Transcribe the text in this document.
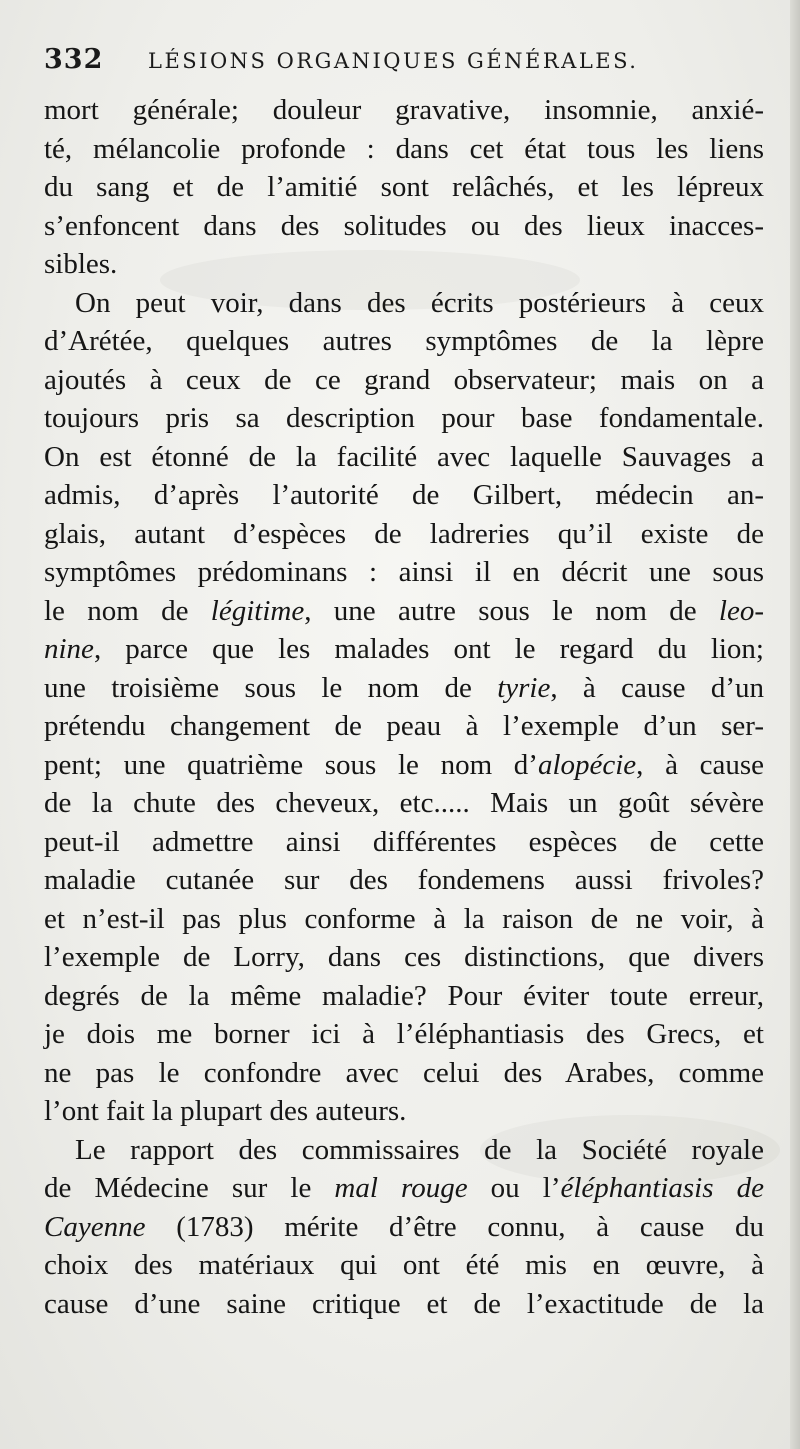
332 LÉSIONS ORGANIQUES GÉNÉRALES.
mort générale; douleur gravative, insomnie, anxié-
té, mélancolie profonde : dans cet état tous les liens
du sang et de l’amitié sont relâchés, et les lépreux
s’enfoncent dans des solitudes ou des lieux inacces-
sibles.
On peut voir, dans des écrits postérieurs à ceux
d’Arétée, quelques autres symptômes de la lèpre
ajoutés à ceux de ce grand observateur; mais on a
toujours pris sa description pour base fondamentale.
On est étonné de la facilité avec laquelle Sauvages a
admis, d’après l’autorité de Gilbert, médecin an-
glais, autant d’espèces de ladreries qu’il existe de
symptômes prédominans : ainsi il en décrit une sous
le nom de légitime, une autre sous le nom de leo-
nine, parce que les malades ont le regard du lion;
une troisième sous le nom de tyrie, à cause d’un
prétendu changement de peau à l’exemple d’un ser-
pent; une quatrième sous le nom d’alopécie, à cause
de la chute des cheveux, etc..... Mais un goût sévère
peut-il admettre ainsi différentes espèces de cette
maladie cutanée sur des fondemens aussi frivoles?
et n’est-il pas plus conforme à la raison de ne voir, à
l’exemple de Lorry, dans ces distinctions, que divers
degrés de la même maladie? Pour éviter toute erreur,
je dois me borner ici à l’éléphantiasis des Grecs, et
ne pas le confondre avec celui des Arabes, comme
l’ont fait la plupart des auteurs.
Le rapport des commissaires de la Société royale
de Médecine sur le mal rouge ou l’éléphantiasis de
Cayenne (1783) mérite d’être connu, à cause du
choix des matériaux qui ont été mis en œuvre, à
cause d’une saine critique et de l’exactitude de la
